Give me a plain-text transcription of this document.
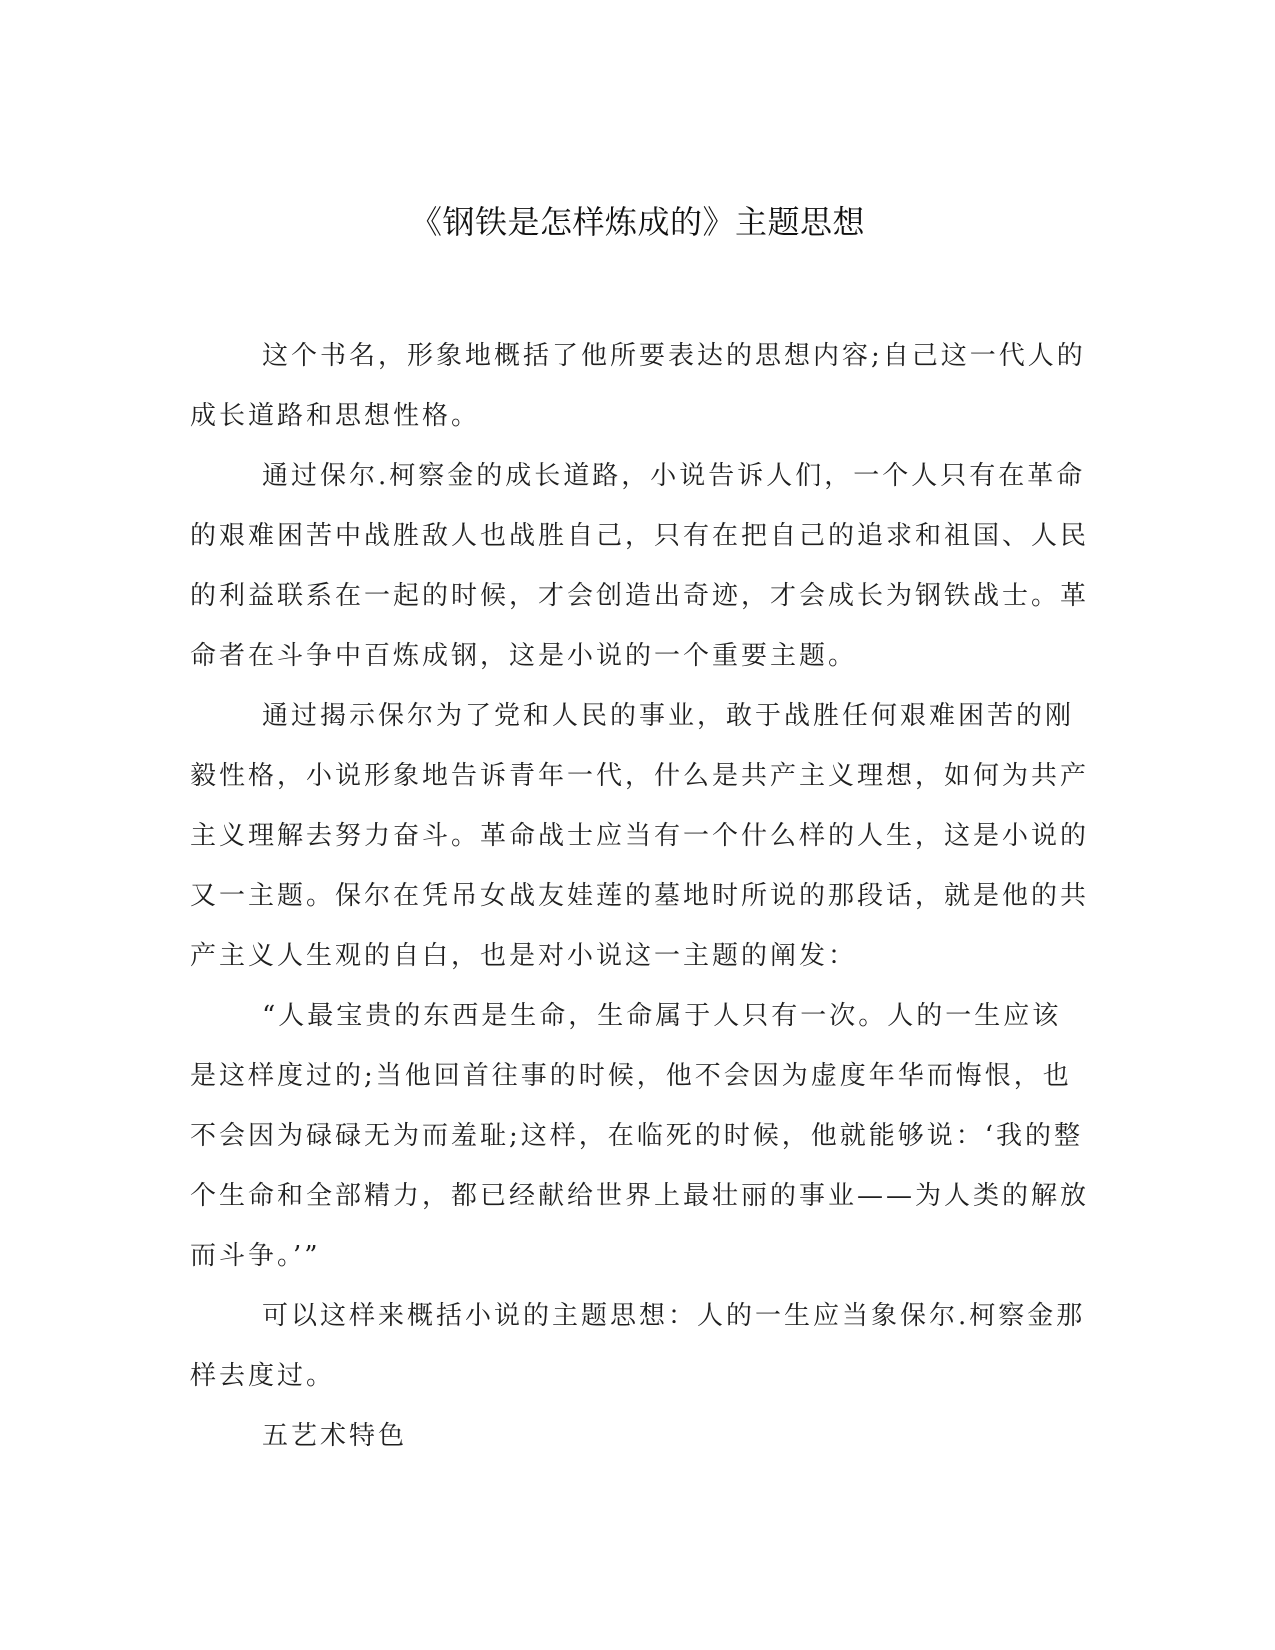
《钢铁是怎样炼成的》主题思想

这个书名，形象地概括了他所要表达的思想内容;自己这一代人的成长道路和思想性格。

通过保尔.柯察金的成长道路，小说告诉人们，一个人只有在革命的艰难困苦中战胜敌人也战胜自己，只有在把自己的追求和祖国、人民的利益联系在一起的时候，才会创造出奇迹，才会成长为钢铁战士。革命者在斗争中百炼成钢，这是小说的一个重要主题。

通过揭示保尔为了党和人民的事业，敢于战胜任何艰难困苦的刚毅性格，小说形象地告诉青年一代，什么是共产主义理想，如何为共产主义理解去努力奋斗。革命战士应当有一个什么样的人生，这是小说的又一主题。保尔在凭吊女战友娃莲的墓地时所说的那段话，就是他的共产主义人生观的自白，也是对小说这一主题的阐发：

“人最宝贵的东西是生命，生命属于人只有一次。人的一生应该是这样度过的;当他回首往事的时候，他不会因为虚度年华而悔恨，也不会因为碌碌无为而羞耻;这样，在临死的时候，他就能够说：‘我的整个生命和全部精力，都已经献给世界上最壮丽的事业——为人类的解放而斗争。’”

可以这样来概括小说的主题思想：人的一生应当象保尔.柯察金那样去度过。

五艺术特色
